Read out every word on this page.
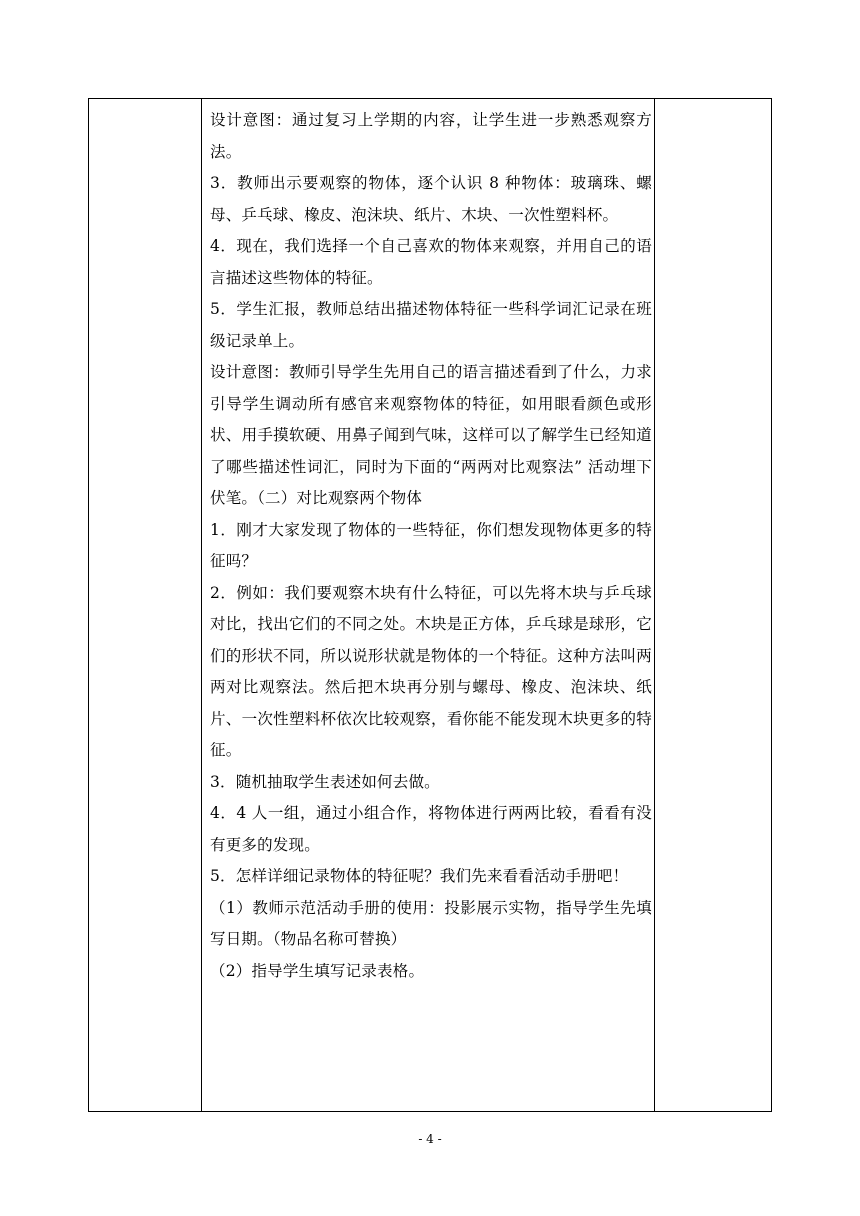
设计意图：通过复习上学期的内容，让学生进一步熟悉观察方法。

3．教师出示要观察的物体，逐个认识 8 种物体：玻璃珠、螺母、乒乓球、橡皮、泡沫块、纸片、木块、一次性塑料杯。

4．现在，我们选择一个自己喜欢的物体来观察，并用自己的语言描述这些物体的特征。

5．学生汇报，教师总结出描述物体特征一些科学词汇记录在班级记录单上。

设计意图：教师引导学生先用自己的语言描述看到了什么，力求引导学生调动所有感官来观察物体的特征，如用眼看颜色或形状、用手摸软硬、用鼻子闻到气味，这样可以了解学生已经知道了哪些描述性词汇，同时为下面的“两两对比观察法” 活动埋下伏笔。（二）对比观察两个物体

1．刚才大家发现了物体的一些特征，你们想发现物体更多的特征吗？

2．例如：我们要观察木块有什么特征，可以先将木块与乒乓球对比，找出它们的不同之处。木块是正方体，乒乓球是球形，它们的形状不同，所以说形状就是物体的一个特征。这种方法叫两两对比观察法。然后把木块再分别与螺母、橡皮、泡沫块、纸片、一次性塑料杯依次比较观察，看你能不能发现木块更多的特征。

3．随机抽取学生表述如何去做。

4．4 人一组，通过小组合作，将物体进行两两比较，看看有没有更多的发现。

5．怎样详细记录物体的特征呢？我们先来看看活动手册吧！

（1）教师示范活动手册的使用：投影展示实物，指导学生先填写日期。（物品名称可替换）

（2）指导学生填写记录表格。

- 4 -
